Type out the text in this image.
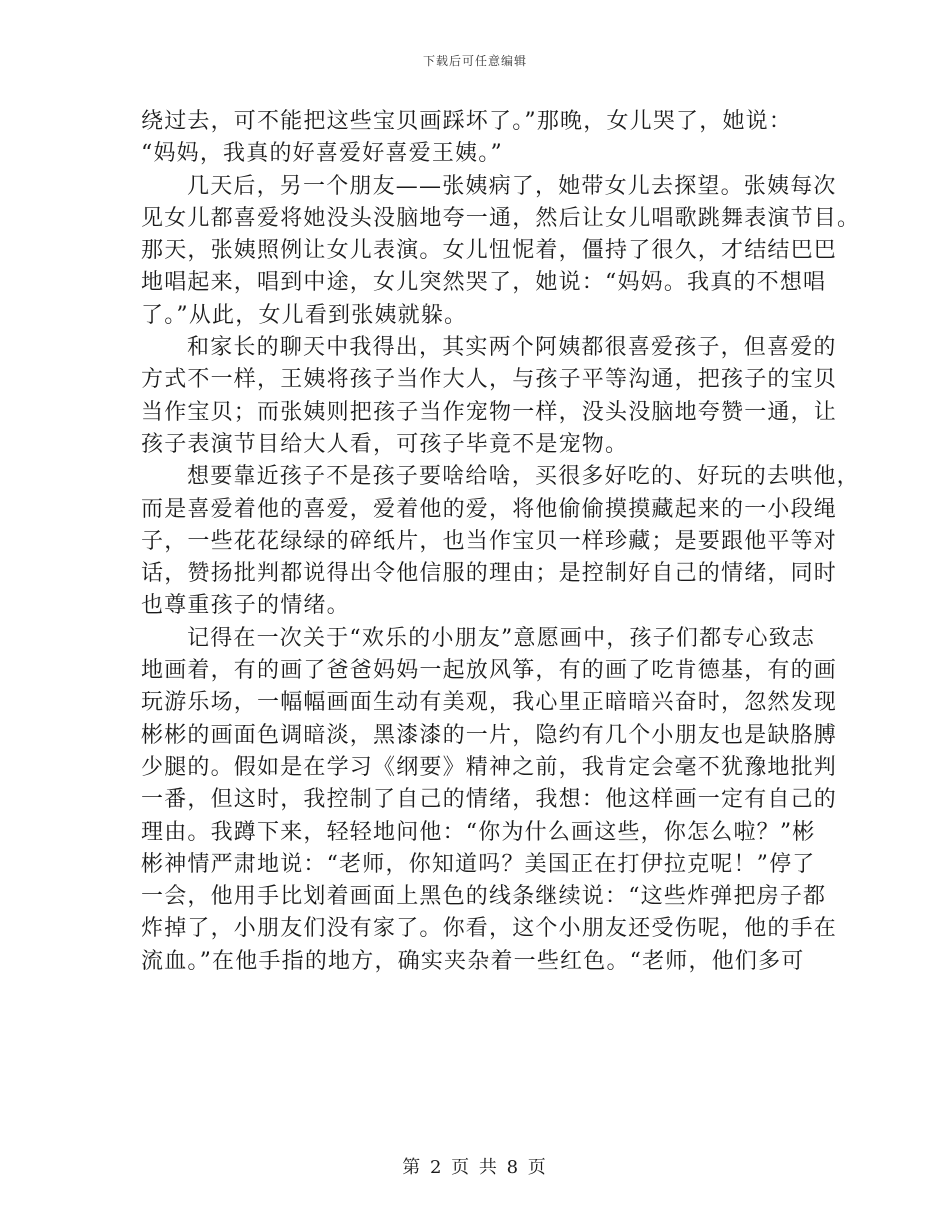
下载后可任意编辑
绕过去，可不能把这些宝贝画踩坏了。”那晚，女儿哭了，她说：
“妈妈，我真的好喜爱好喜爱王姨。”
几天后，另一个朋友——张姨病了，她带女儿去探望。张姨每次
见女儿都喜爱将她没头没脑地夸一通，然后让女儿唱歌跳舞表演节目。
那天，张姨照例让女儿表演。女儿忸怩着，僵持了很久，才结结巴巴
地唱起来，唱到中途，女儿突然哭了，她说：“妈妈。我真的不想唱
了。”从此，女儿看到张姨就躲。
和家长的聊天中我得出，其实两个阿姨都很喜爱孩子，但喜爱的
方式不一样，王姨将孩子当作大人，与孩子平等沟通，把孩子的宝贝
当作宝贝；而张姨则把孩子当作宠物一样，没头没脑地夸赞一通，让
孩子表演节目给大人看，可孩子毕竟不是宠物。
想要靠近孩子不是孩子要啥给啥，买很多好吃的、好玩的去哄他，
而是喜爱着他的喜爱，爱着他的爱，将他偷偷摸摸藏起来的一小段绳
子，一些花花绿绿的碎纸片，也当作宝贝一样珍藏；是要跟他平等对
话，赞扬批判都说得出令他信服的理由；是控制好自己的情绪，同时
也尊重孩子的情绪。
记得在一次关于“欢乐的小朋友”意愿画中，孩子们都专心致志
地画着，有的画了爸爸妈妈一起放风筝，有的画了吃肯德基，有的画
玩游乐场，一幅幅画面生动有美观，我心里正暗暗兴奋时，忽然发现
彬彬的画面色调暗淡，黑漆漆的一片，隐约有几个小朋友也是缺胳膊
少腿的。假如是在学习《纲要》精神之前，我肯定会毫不犹豫地批判
一番，但这时，我控制了自己的情绪，我想：他这样画一定有自己的
理由。我蹲下来，轻轻地问他：“你为什么画这些，你怎么啦？”彬
彬神情严肃地说：“老师，你知道吗？美国正在打伊拉克呢！”停了
一会，他用手比划着画面上黑色的线条继续说：“这些炸弹把房子都
炸掉了，小朋友们没有家了。你看，这个小朋友还受伤呢，他的手在
流血。”在他手指的地方，确实夹杂着一些红色。“老师，他们多可
第 2 页 共 8 页
